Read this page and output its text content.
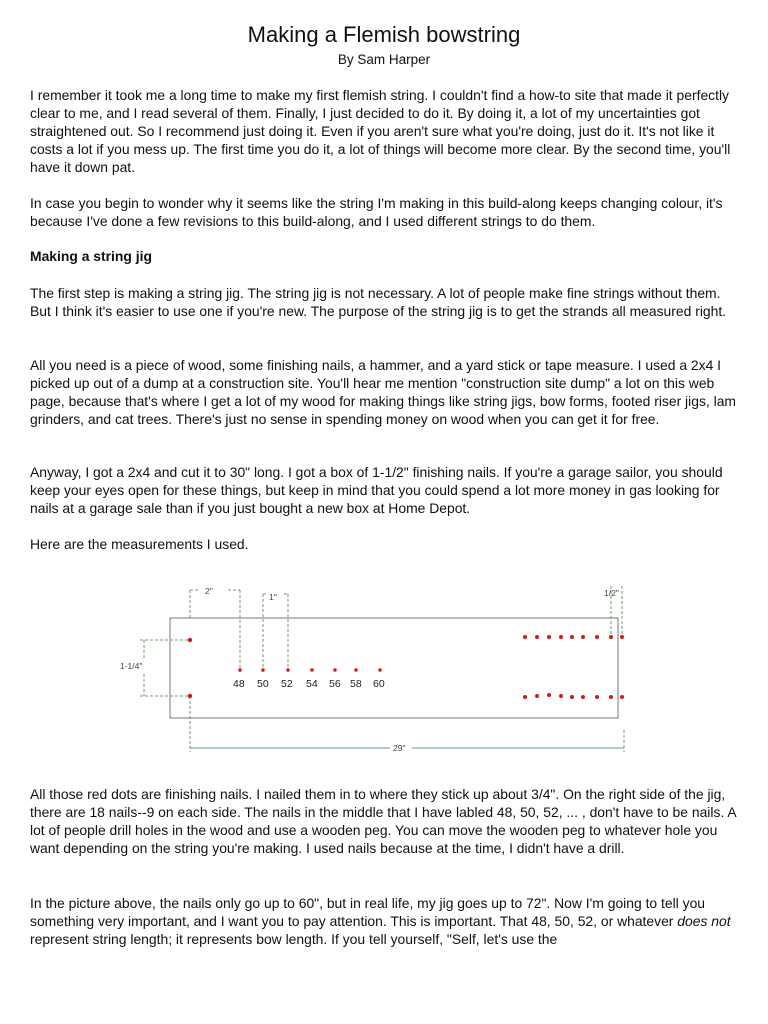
Making a Flemish bowstring
By Sam Harper

I remember it took me a long time to make my first flemish string. I couldn't find a how-to site that made it perfectly clear to me, and I read several of them. Finally, I just decided to do it. By doing it, a lot of my uncertainties got straightened out. So I recommend just doing it. Even if you aren't sure what you're doing, just do it. It's not like it costs a lot if you mess up. The first time you do it, a lot of things will become more clear. By the second time, you'll have it down pat.

In case you begin to wonder why it seems like the string I'm making in this build-along keeps changing colour, it's because I've done a few revisions to this build-along, and I used different strings to do them.

Making a string jig

The first step is making a string jig. The string jig is not necessary. A lot of people make fine strings without them. But I think it's easier to use one if you're new. The purpose of the string jig is to get the strands all measured right.

All you need is a piece of wood, some finishing nails, a hammer, and a yard stick or tape measure. I used a 2x4 I picked up out of a dump at a construction site. You'll hear me mention "construction site dump" a lot on this web page, because that's where I get a lot of my wood for making things like string jigs, bow forms, footed riser jigs, lam grinders, and cat trees. There's just no sense in spending money on wood when you can get it for free.

Anyway, I got a 2x4 and cut it to 30" long. I got a box of 1-1/2" finishing nails. If you're a garage sailor, you should keep your eyes open for these things, but keep in mind that you could spend a lot more money in gas looking for nails at a garage sale than if you just bought a new box at Home Depot.

Here are the measurements I used.

2"
1"	1/2"
1-1/4"
29"
48 50 52 54 56 58 60

All those red dots are finishing nails. I nailed them in to where they stick up about 3/4". On the right side of the jig, there are 18 nails--9 on each side. The nails in the middle that I have labled 48, 50, 52, ... , don't have to be nails. A lot of people drill holes in the wood and use a wooden peg. You can move the wooden peg to whatever hole you want depending on the string you're making. I used nails because at the time, I didn't have a drill.

In the picture above, the nails only go up to 60", but in real life, my jig goes up to 72". Now I'm going to tell you something very important, and I want you to pay attention. This is important. That 48, 50, 52, or whatever does not represent string length; it represents bow length. If you tell yourself, "Self, let's use the
